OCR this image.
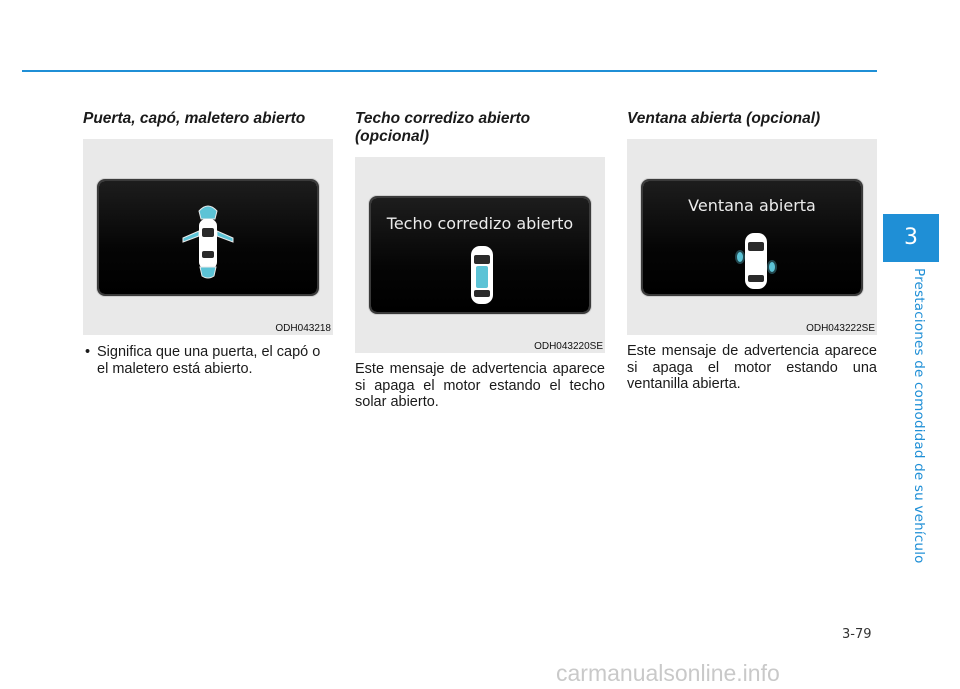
Puerta, capó, maletero abierto
ODH043218
• Significa que una puerta, el capó o el maletero está abierto.
Techo corredizo abierto (opcional)
Techo corredizo abierto
ODH043220SE

Este mensaje de advertencia aparece si apaga el motor estando el techo solar abierto.

Ventana abierta (opcional)
Ventana abierta
ODH043222SE

Este mensaje de advertencia aparece si apaga el motor estando una ventanilla abierta.

3
Prestaciones de comodidad de su vehículo
3-79
carmanualsonline.info
